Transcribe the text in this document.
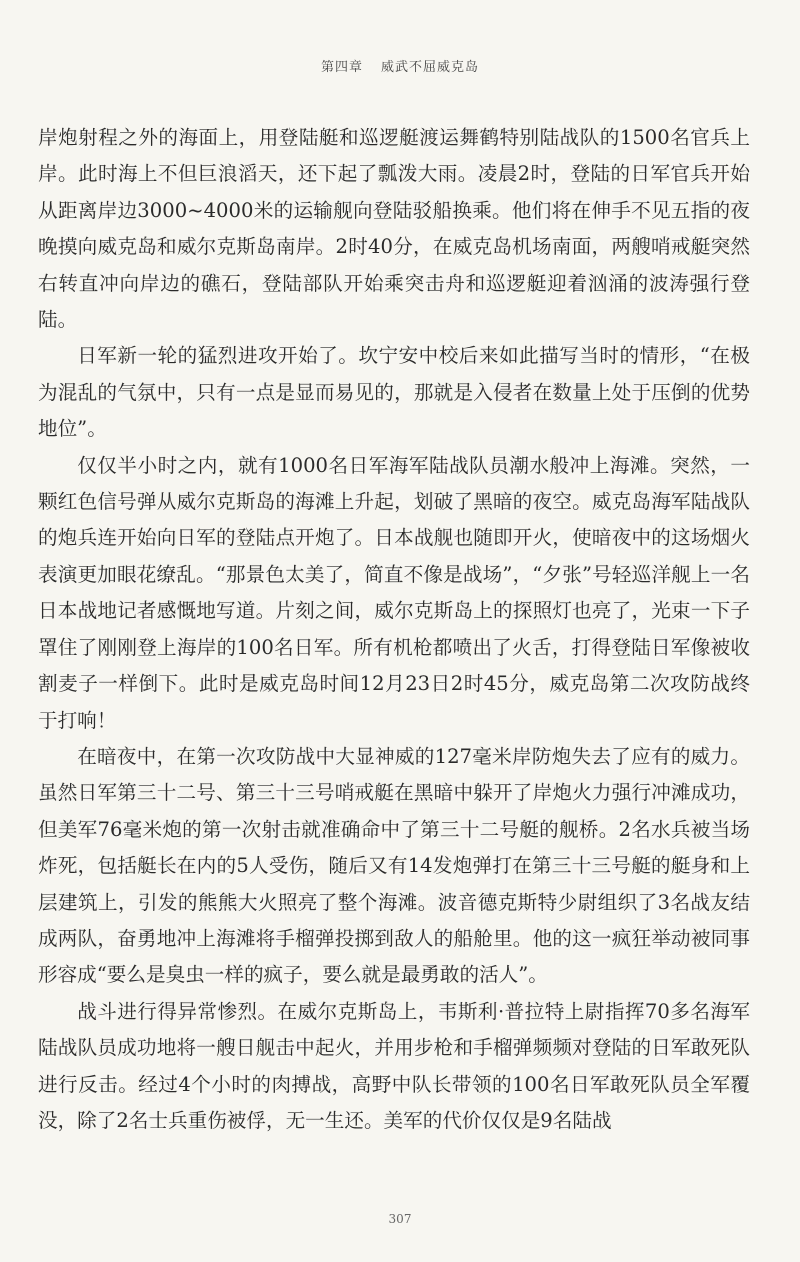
第四章 威武不屈威克岛

岸炮射程之外的海面上，用登陆艇和巡逻艇渡运舞鹤特别陆战队的1500名官兵上岸。此时海上不但巨浪滔天，还下起了瓢泼大雨。凌晨2时，登陆的日军官兵开始从距离岸边3000~4000米的运输舰向登陆驳船换乘。他们将在伸手不见五指的夜晚摸向威克岛和威尔克斯岛南岸。2时40分，在威克岛机场南面，两艘哨戒艇突然右转直冲向岸边的礁石，登陆部队开始乘突击舟和巡逻艇迎着汹涌的波涛强行登陆。

日军新一轮的猛烈进攻开始了。坎宁安中校后来如此描写当时的情形，“在极为混乱的气氛中，只有一点是显而易见的，那就是入侵者在数量上处于压倒的优势地位”。

仅仅半小时之内，就有1000名日军海军陆战队员潮水般冲上海滩。突然，一颗红色信号弹从威尔克斯岛的海滩上升起，划破了黑暗的夜空。威克岛海军陆战队的炮兵连开始向日军的登陆点开炮了。日本战舰也随即开火，使暗夜中的这场烟火表演更加眼花缭乱。“那景色太美了，简直不像是战场”，“夕张”号轻巡洋舰上一名日本战地记者感慨地写道。片刻之间，威尔克斯岛上的探照灯也亮了，光束一下子罩住了刚刚登上海岸的100名日军。所有机枪都喷出了火舌，打得登陆日军像被收割麦子一样倒下。此时是威克岛时间12月23日2时45分，威克岛第二次攻防战终于打响！

在暗夜中，在第一次攻防战中大显神威的127毫米岸防炮失去了应有的威力。虽然日军第三十二号、第三十三号哨戒艇在黑暗中躲开了岸炮火力强行冲滩成功，但美军76毫米炮的第一次射击就准确命中了第三十二号艇的舰桥。2名水兵被当场炸死，包括艇长在内的5人受伤，随后又有14发炮弹打在第三十三号艇的艇身和上层建筑上，引发的熊熊大火照亮了整个海滩。波音德克斯特少尉组织了3名战友结成两队，奋勇地冲上海滩将手榴弹投掷到敌人的船舱里。他的这一疯狂举动被同事形容成“要么是臭虫一样的疯子，要么就是最勇敢的活人”。

战斗进行得异常惨烈。在威尔克斯岛上，韦斯利·普拉特上尉指挥70多名海军陆战队员成功地将一艘日舰击中起火，并用步枪和手榴弹频频对登陆的日军敢死队进行反击。经过4个小时的肉搏战，高野中队长带领的100名日军敢死队员全军覆没，除了2名士兵重伤被俘，无一生还。美军的代价仅仅是9名陆战

307
